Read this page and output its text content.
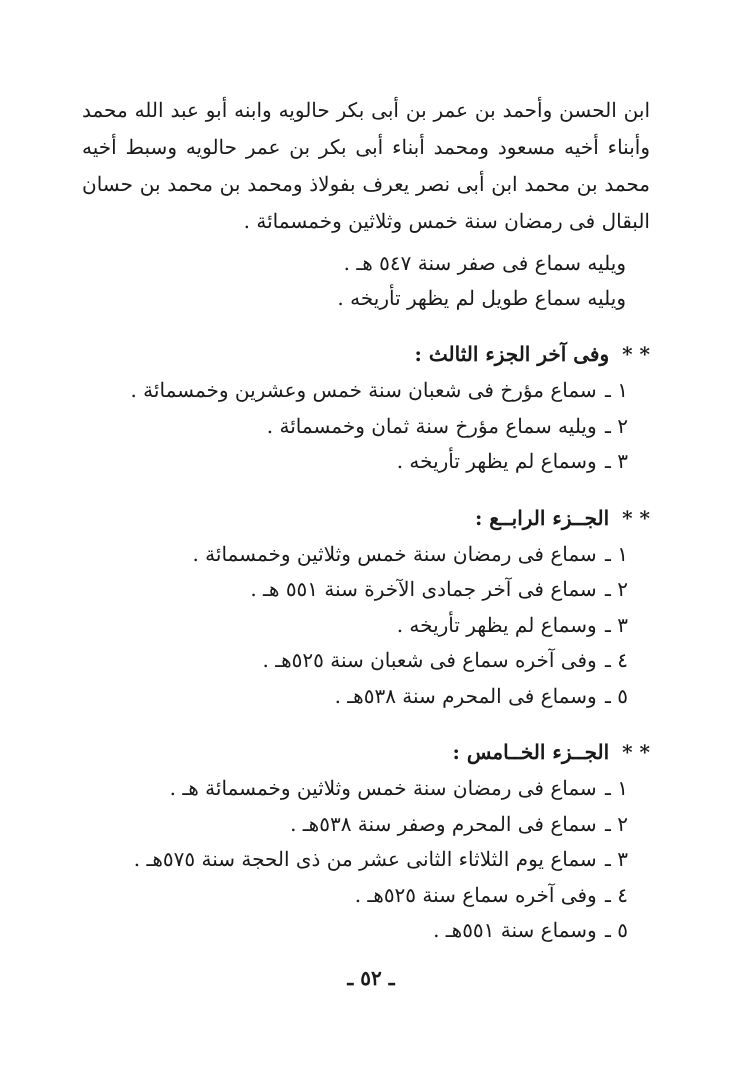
ابن الحسن وأحمد بن عمر بن أبى بكر حالويه وابنه أبو عبد الله محمد وأبناء أخيه مسعود ومحمد أبناء أبى بكر بن عمر حالويه وسبط أخيه محمد بن محمد ابن أبى نصر يعرف بفولاذ ومحمد بن محمد بن حسان البقال فى رمضان سنة خمس وثلاثين وخمسمائة .

ويليه سماع فى صفر سنة ٥٤٧ هـ .

ويليه سماع طويل لم يظهر تأريخه .

* * وفى آخر الجزء الثالث :

١ ـ سماع مؤرخ فى شعبان سنة خمس وعشرين وخمسمائة .
٢ ـ ويليه سماع مؤرخ سنة ثمان وخمسمائة .
٣ ـ وسماع لم يظهر تأريخه .

* * الجــزء الرابــع :

١ ـ سماع فى رمضان سنة خمس وثلاثين وخمسمائة .
٢ ـ سماع فى آخر جمادى الآخرة سنة ٥٥١ هـ .
٣ ـ وسماع لم يظهر تأريخه .
٤ ـ وفى آخره سماع فى شعبان سنة ٥٢٥هـ .
٥ ـ وسماع فى المحرم سنة ٥٣٨هـ .

* * الجــزء الخــامس :

١ ـ سماع فى رمضان سنة خمس وثلاثين وخمسمائة هـ .
٢ ـ سماع فى المحرم وصفر سنة ٥٣٨هـ .
٣ ـ سماع يوم الثلاثاء الثانى عشر من ذى الحجة سنة ٥٧٥هـ .
٤ ـ وفى آخره سماع سنة ٥٢٥هـ .
٥ ـ وسماع سنة ٥٥١هـ .
ـ ٥٢ ـ
